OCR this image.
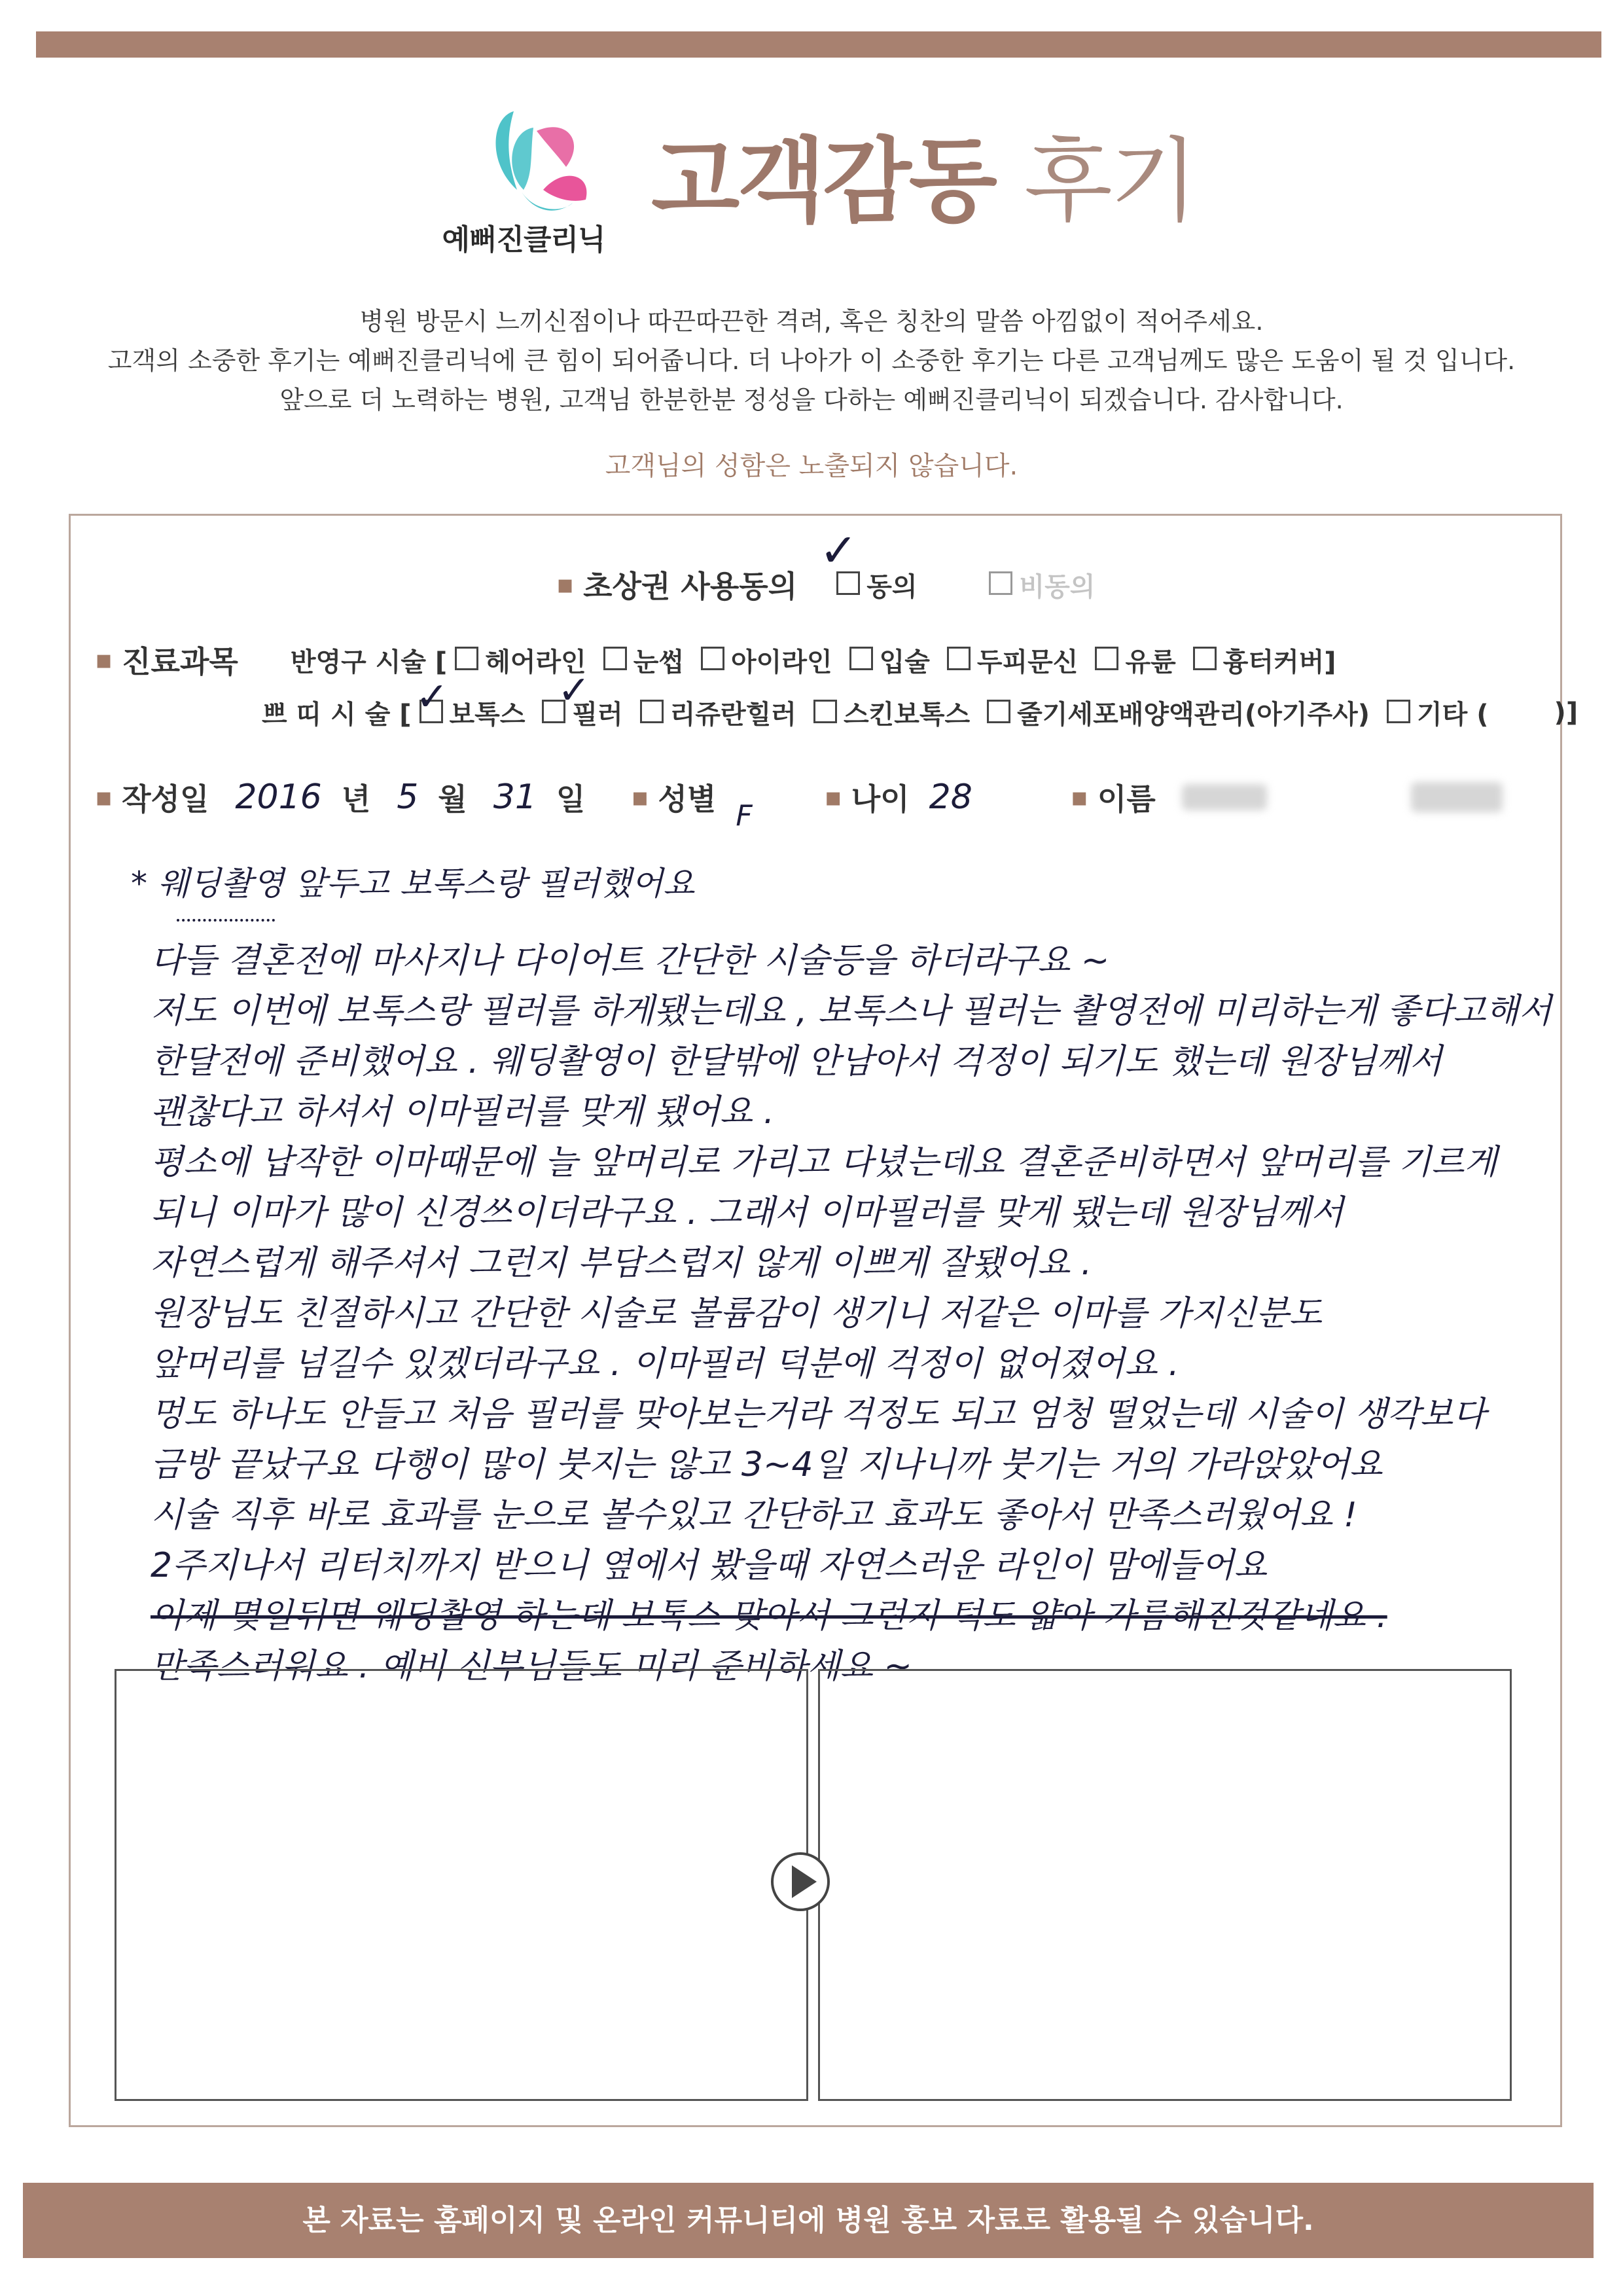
예뻐진클리닉
고객감동 후기
병원 방문시 느끼신점이나 따끈따끈한 격려, 혹은 칭찬의 말씀 아낌없이 적어주세요.
고객의 소중한 후기는 예뻐진클리닉에 큰 힘이 되어줍니다. 더 나아가 이 소중한 후기는 다른 고객님께도 많은 도움이 될 것 입니다.
앞으로 더 노력하는 병원, 고객님 한분한분 정성을 다하는 예뻐진클리닉이 되겠습니다. 감사합니다.
고객님의 성함은 노출되지 않습니다.
▪ 초상권 사용동의	동의	비동의
✓
▪ 진료과목 반영구 시술 [ 헤어라인 눈썹 아이라인 입술 두피문신 유륜 흉터커버]
쁘 띠 시 술 [ 보톡스 필러 리쥬란힐러 스킨보톡스 줄기세포배양액관리(아기주사) 기타 (	)]
✓	✓
▪ 작성일 2016 년 5 월 31 일 ▪ 성별 F
▪ 나이 28	▪ 이름
* 웨딩촬영 앞두고 보톡스랑 필러했어요
다들 결혼전에 마사지나 다이어트 간단한 시술등을 하더라구요 ~
저도 이번에 보톡스랑 필러를 하게됐는데요 , 보톡스나 필러는 촬영전에 미리하는게 좋다고해서
한달전에 준비했어요 . 웨딩촬영이 한달밖에 안남아서 걱정이 되기도 했는데 원장님께서
괜찮다고 하셔서 이마필러를 맞게 됐어요 .
평소에 납작한 이마때문에 늘 앞머리로 가리고 다녔는데요 결혼준비하면서 앞머리를 기르게
되니 이마가 많이 신경쓰이더라구요 . 그래서 이마필러를 맞게 됐는데 원장님께서
자연스럽게 해주셔서 그런지 부담스럽지 않게 이쁘게 잘됐어요 .
원장님도 친절하시고 간단한 시술로 볼륨감이 생기니 저같은 이마를 가지신분도
앞머리를 넘길수 있겠더라구요 . 이마필러 덕분에 걱정이 없어졌어요 .
멍도 하나도 안들고 처음 필러를 맞아보는거라 걱정도 되고 엄청 떨었는데 시술이 생각보다
금방 끝났구요 다행이 많이 붓지는 않고 3~4일 지나니까 붓기는 거의 가라앉았어요
시술 직후 바로 효과를 눈으로 볼수있고 간단하고 효과도 좋아서 만족스러웠어요 !
2주지나서 리터치까지 받으니 옆에서 봤을때 자연스러운 라인이 맘에들어요
이제 몇일뒤면 웨딩촬영 하는데 보톡스 맞아서 그런지 턱도 얇아 가름해진것같네요 .
만족스러워요 . 예비 신부님들도 미리 준비하세요 ~
본 자료는 홈페이지 및 온라인 커뮤니티에 병원 홍보 자료로 활용될 수 있습니다.
